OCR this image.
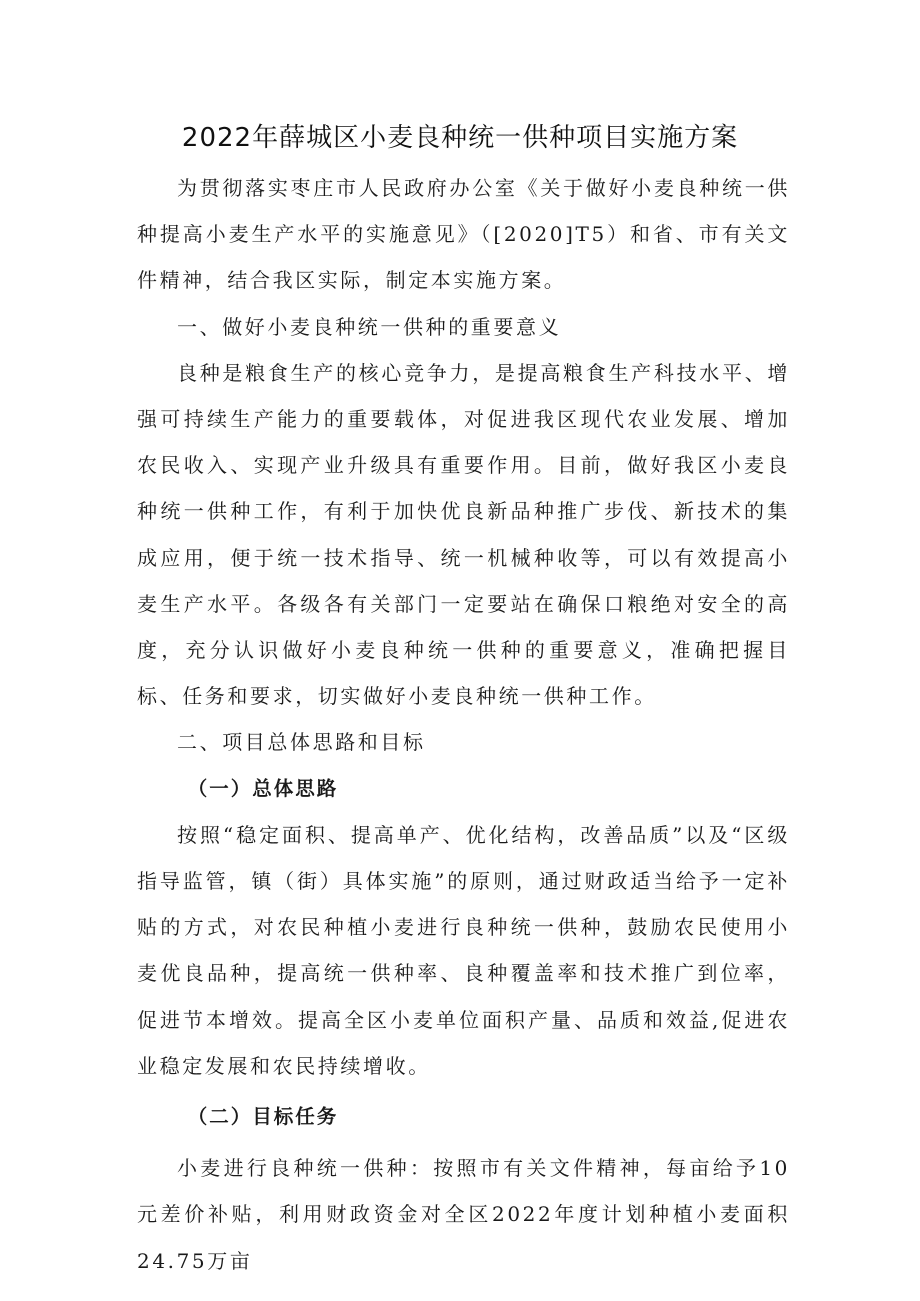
2022年薛城区小麦良种统一供种项目实施方案

为贯彻落实枣庄市人民政府办公室《关于做好小麦良种统一供种提高小麦生产水平的实施意见》（[2020]T5）和省、市有关文件精神，结合我区实际，制定本实施方案。

一、做好小麦良种统一供种的重要意义

良种是粮食生产的核心竞争力，是提高粮食生产科技水平、增强可持续生产能力的重要载体，对促进我区现代农业发展、增加农民收入、实现产业升级具有重要作用。目前，做好我区小麦良种统一供种工作，有利于加快优良新品种推广步伐、新技术的集成应用，便于统一技术指导、统一机械种收等，可以有效提高小麦生产水平。各级各有关部门一定要站在确保口粮绝对安全的高度，充分认识做好小麦良种统一供种的重要意义，准确把握目标、任务和要求，切实做好小麦良种统一供种工作。

二、项目总体思路和目标

（一）总体思路

按照“稳定面积、提高单产、优化结构，改善品质”以及“区级指导监管，镇（街）具体实施”的原则，通过财政适当给予一定补贴的方式，对农民种植小麦进行良种统一供种，鼓励农民使用小麦优良品种，提高统一供种率、良种覆盖率和技术推广到位率，促进节本增效。提高全区小麦单位面积产量、品质和效益,促进农业稳定发展和农民持续增收。

（二）目标任务

小麦进行良种统一供种：按照市有关文件精神，每亩给予10元差价补贴，利用财政资金对全区2022年度计划种植小麦面积24.75万亩
